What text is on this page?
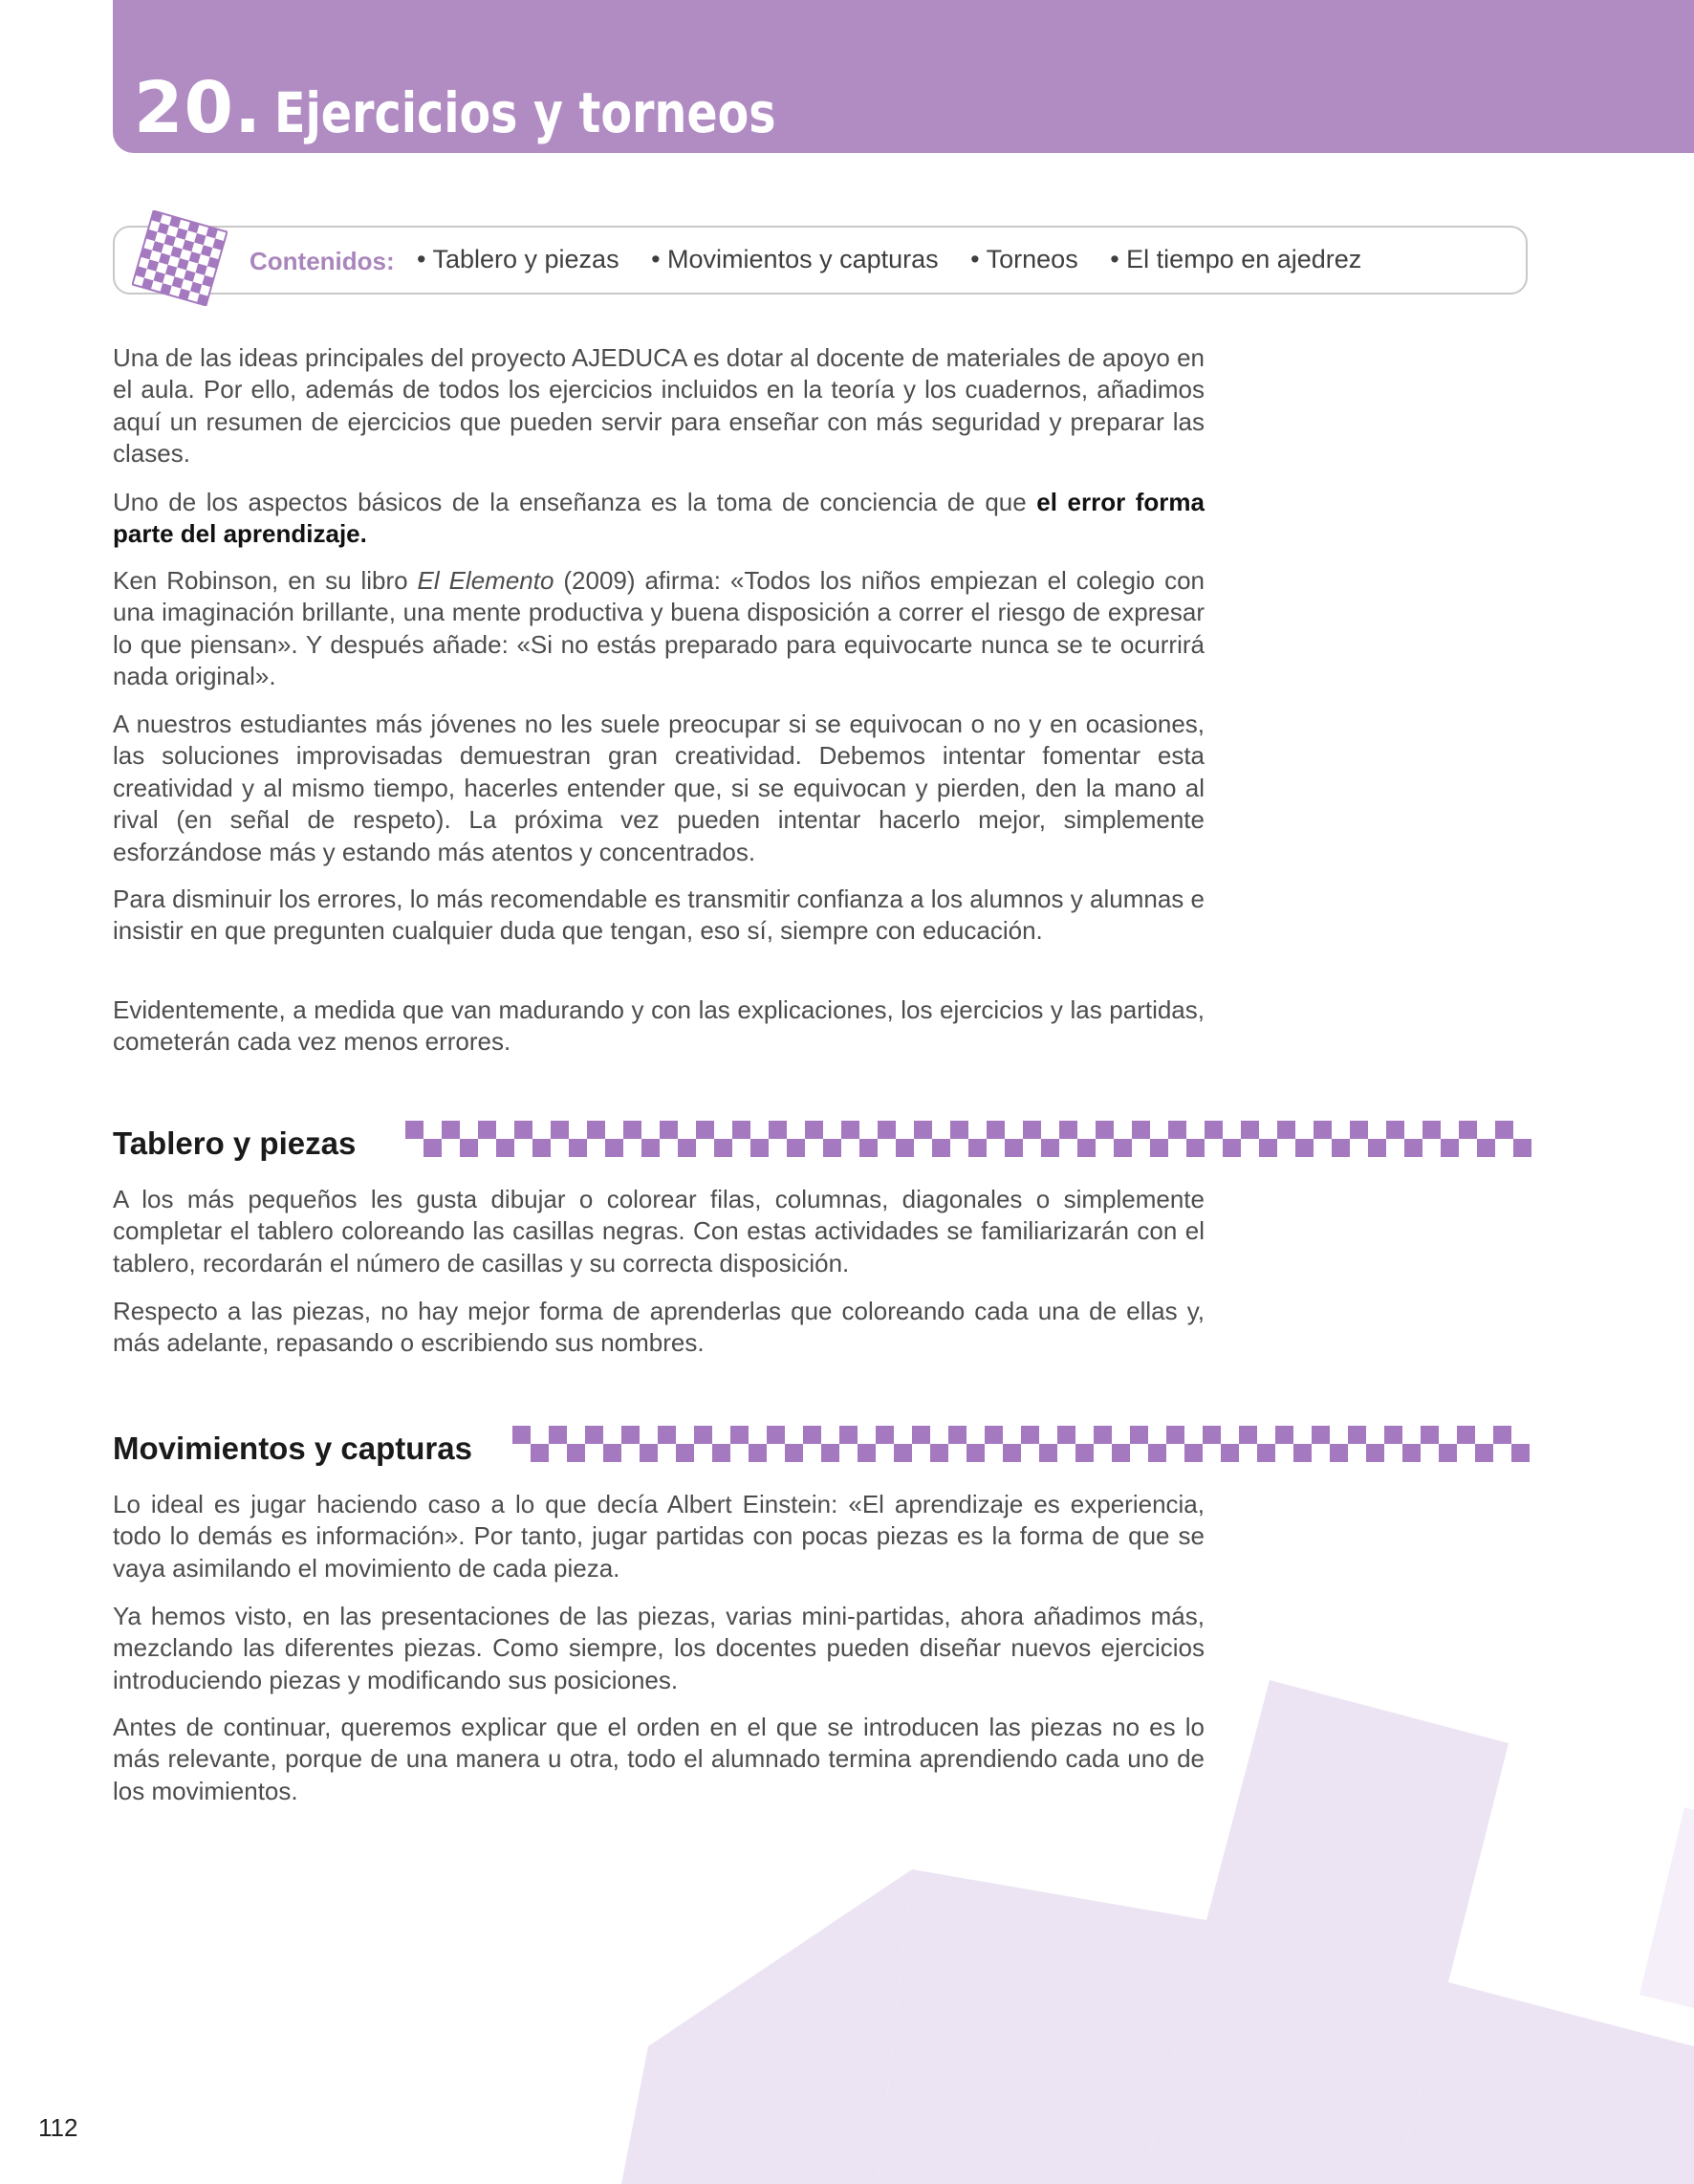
20. Ejercicios y torneos
Contenidos: • Tablero y piezas • Movimientos y capturas • Torneos • El tiempo en ajedrez

Una de las ideas principales del proyecto AJEDUCA es dotar al docente de materiales de apoyo en el aula. Por ello, además de todos los ejercicios incluidos en la teoría y los cuadernos, añadimos aquí un resumen de ejercicios que pueden servir para enseñar con más seguridad y preparar las clases.

Uno de los aspectos básicos de la enseñanza es la toma de conciencia de que el error forma parte del aprendizaje.

Ken Robinson, en su libro El Elemento (2009) afirma: «Todos los niños empiezan el colegio con una imaginación brillante, una mente productiva y buena disposición a correr el riesgo de expresar lo que piensan». Y después añade: «Si no estás preparado para equivocarte nunca se te ocurrirá nada original».

A nuestros estudiantes más jóvenes no les suele preocupar si se equivocan o no y en ocasiones, las soluciones improvisadas demuestran gran creatividad. Debemos intentar fomentar esta creatividad y al mismo tiempo, hacerles entender que, si se equivocan y pierden, den la mano al rival (en señal de respeto). La próxima vez pueden intentar hacerlo mejor, simplemente esforzándose más y estando más atentos y concentrados.

Para disminuir los errores, lo más recomendable es transmitir confianza a los alumnos y alumnas e insistir en que pregunten cualquier duda que tengan, eso sí, siempre con educación.

Evidentemente, a medida que van madurando y con las explicaciones, los ejercicios y las partidas, cometerán cada vez menos errores.

Tablero y piezas

A los más pequeños les gusta dibujar o colorear filas, columnas, diagonales o simplemente completar el tablero coloreando las casillas negras. Con estas actividades se familiarizarán con el tablero, recordarán el número de casillas y su correcta disposición.

Respecto a las piezas, no hay mejor forma de aprenderlas que coloreando cada una de ellas y, más adelante, repasando o escribiendo sus nombres.

Movimientos y capturas

Lo ideal es jugar haciendo caso a lo que decía Albert Einstein: «El aprendizaje es experiencia, todo lo demás es información». Por tanto, jugar partidas con pocas piezas es la forma de que se vaya asimilando el movimiento de cada pieza.

Ya hemos visto, en las presentaciones de las piezas, varias mini-partidas, ahora añadimos más, mezclando las diferentes piezas. Como siempre, los docentes pueden diseñar nuevos ejercicios introduciendo piezas y modificando sus posiciones.

Antes de continuar, queremos explicar que el orden en el que se introducen las piezas no es lo más relevante, porque de una manera u otra, todo el alumnado termina aprendiendo cada uno de los movimientos.

112
